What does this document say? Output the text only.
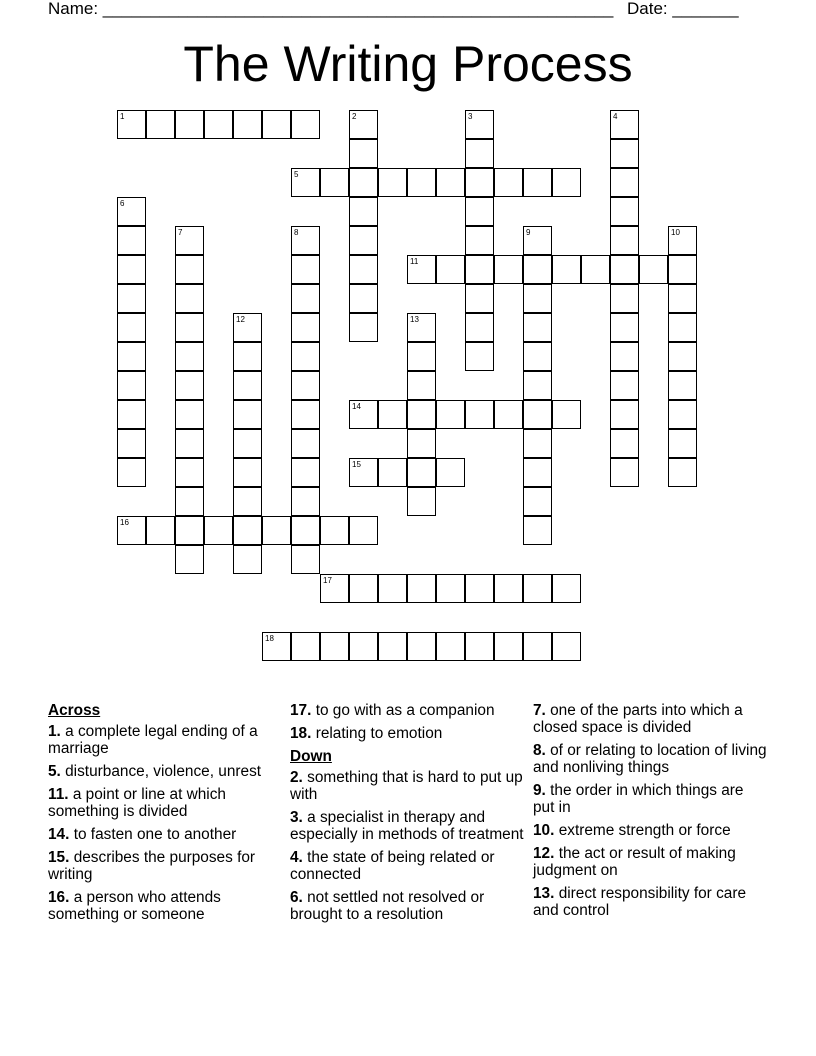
Name: ______________________________________________________ Date: _______
The Writing Process
1	2	3	4
5
6
7	8	9	10
11
12	13
14
15
16
17
18
Across
1. a complete legal ending of a marriage
5. disturbance, violence, unrest
11. a point or line at which something is divided
14. to fasten one to another
15. describes the purposes for writing
16. a person who attends something or someone
17. to go with as a companion
18. relating to emotion
Down
2. something that is hard to put up with
3. a specialist in therapy and especially in methods of treatment
4. the state of being related or connected
6. not settled not resolved or brought to a resolution
7. one of the parts into which a closed space is divided
8. of or relating to location of living and nonliving things
9. the order in which things are put in
10. extreme strength or force
12. the act or result of making judgment on
13. direct responsibility for care and control
